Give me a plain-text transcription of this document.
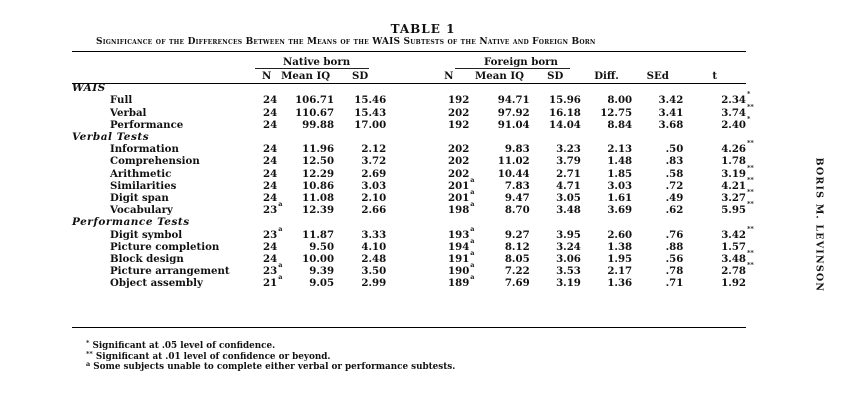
TABLE 1
Significance of the Differences Between the Means of the WAIS Subtests of the Native and Foreign Born
Native born	Foreign born
	N	Mean IQ	SD		N	Mean IQ	SD	Diff.	SEd	t
WAIS										
Full	24	106.71	15.46		192	94.71	15.96	8.00	3.42	2.34 *

Verbal	24	110.67	15.43		202	97.92	16.18	12.75	3.41	3.74 **

Performance	24	99.88	17.00		192	91.04	14.04	8.84	3.68	2.40 *

Verbal Tests										
Information	24	11.96	2.12		202	9.83	3.23	2.13	.50	4.26 **

Comprehension	24	12.50	3.72		202	11.02	3.79	1.48	.83	1.78

Arithmetic	24	12.29	2.69		202	10.44	2.71	1.85	.58	3.19 **

Similarities	24	10.86	3.03		201 a	7.83	4.71	3.03	.72	4.21 **

Digit span	24	11.08	2.10		201 a	9.47	3.05	1.61	.49	3.27 **

Vocabulary	23 a	12.39	2.66		198 a	8.70	3.48	3.69	.62	5.95 **

Performance Tests										
Digit symbol	23 a	11.87	3.33		193 a	9.27	3.95	2.60	.76	3.42 **

Picture completion	24	9.50	4.10		194 a	8.12	3.24	1.38	.88	1.57

Block design	24	10.00	2.48		191 a	8.05	3.06	1.95	.56	3.48 **

Picture arrangement	23 a	9.39	3.50		190 a	7.22	3.53	2.17	.78	2.78 **

Object assembly	21 a	9.05	2.99		189 a	7.69	3.19	1.36	.71	1.92
* Significant at .05 level of confidence.
** Significant at .01 level of confidence or beyond.
$^a$ Some subjects unable to complete either verbal or performance subtests.
BORIS M. LEVINSON
